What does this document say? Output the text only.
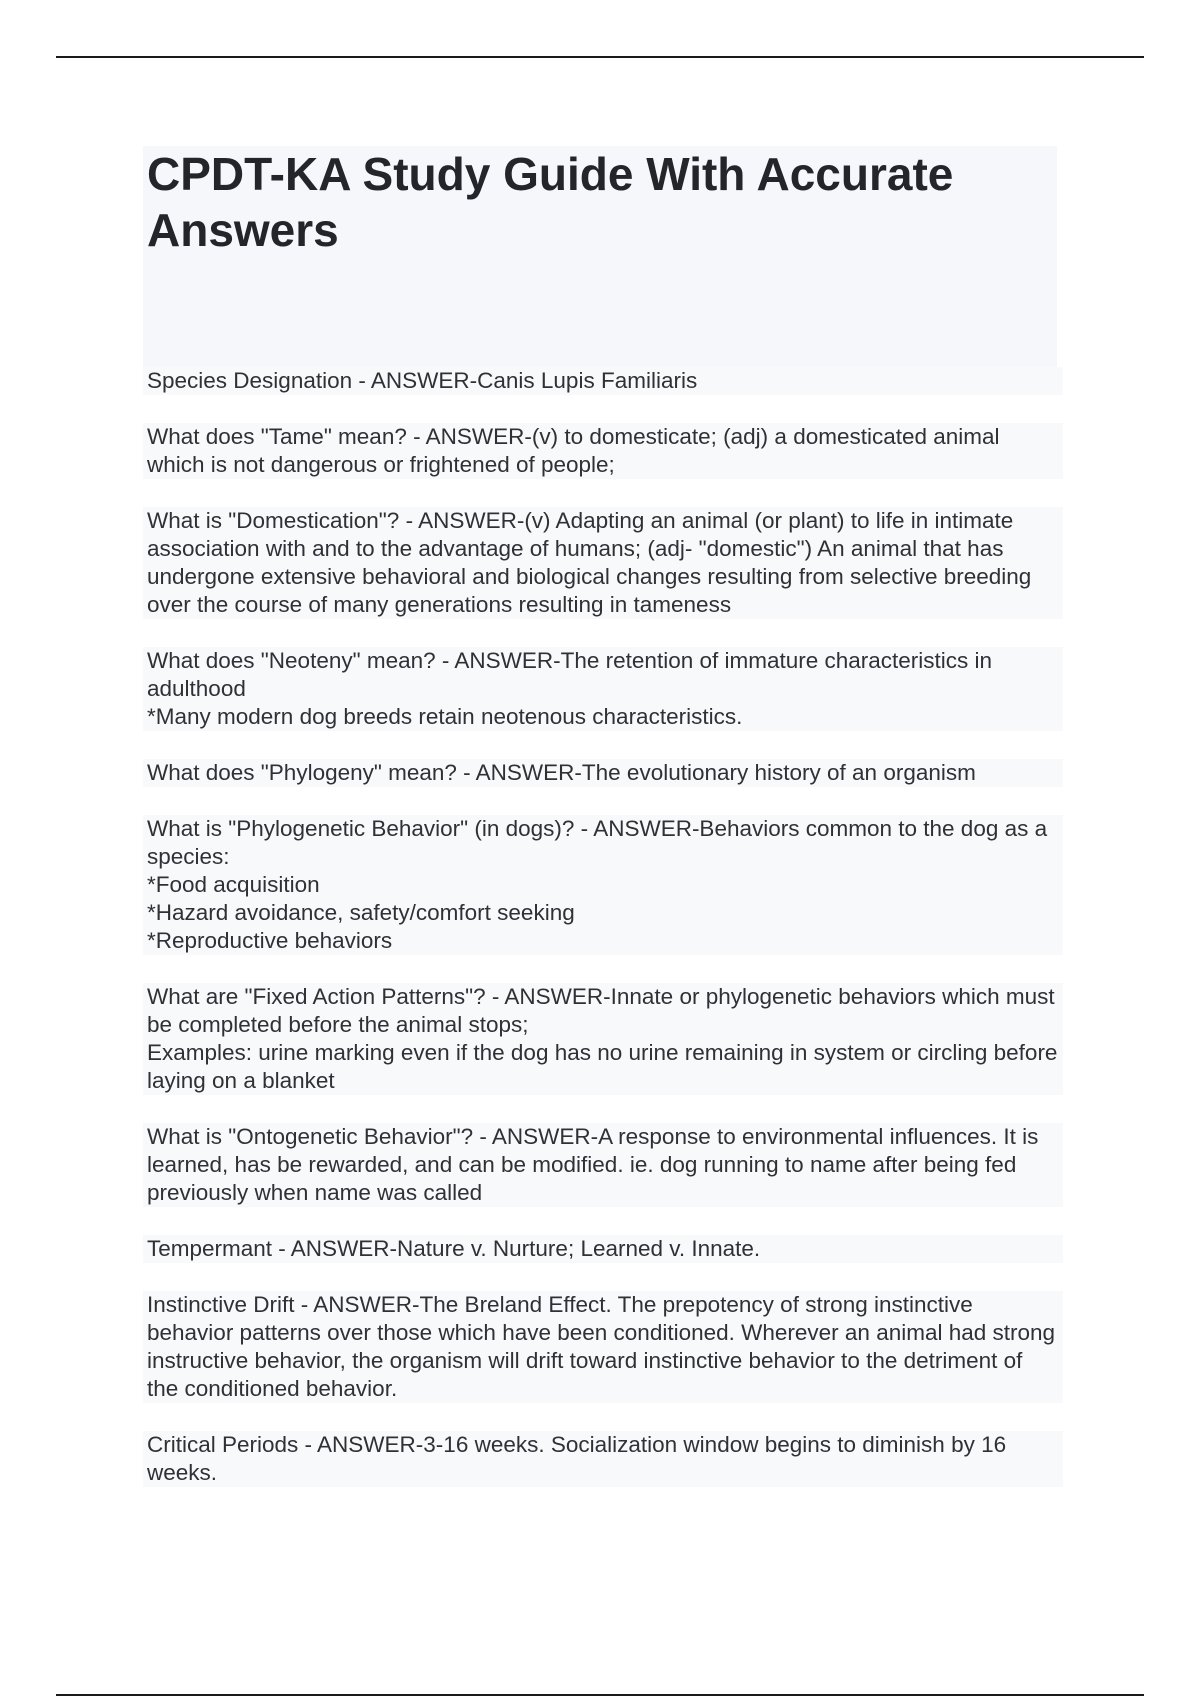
CPDT-KA Study Guide With Accurate Answers

Species Designation - ANSWER-Canis Lupis Familiaris

What does "Tame" mean? - ANSWER-(v) to domesticate; (adj) a domesticated animal which is not dangerous or frightened of people;

What is "Domestication"? - ANSWER-(v) Adapting an animal (or plant) to life in intimate association with and to the advantage of humans; (adj- "domestic") An animal that has undergone extensive behavioral and biological changes resulting from selective breeding over the course of many generations resulting in tameness

What does "Neoteny" mean? - ANSWER-The retention of immature characteristics in adulthood
*Many modern dog breeds retain neotenous characteristics.

What does "Phylogeny" mean? - ANSWER-The evolutionary history of an organism

What is "Phylogenetic Behavior" (in dogs)? - ANSWER-Behaviors common to the dog as a species:
*Food acquisition
*Hazard avoidance, safety/comfort seeking
*Reproductive behaviors

What are "Fixed Action Patterns"? - ANSWER-Innate or phylogenetic behaviors which must be completed before the animal stops;
Examples: urine marking even if the dog has no urine remaining in system or circling before laying on a blanket

What is "Ontogenetic Behavior"? - ANSWER-A response to environmental influences. It is learned, has be rewarded, and can be modified. ie. dog running to name after being fed previously when name was called

Tempermant - ANSWER-Nature v. Nurture; Learned v. Innate.

Instinctive Drift - ANSWER-The Breland Effect. The prepotency of strong instinctive behavior patterns over those which have been conditioned. Wherever an animal had strong instructive behavior, the organism will drift toward instinctive behavior to the detriment of the conditioned behavior.

Critical Periods - ANSWER-3-16 weeks. Socialization window begins to diminish by 16 weeks.
